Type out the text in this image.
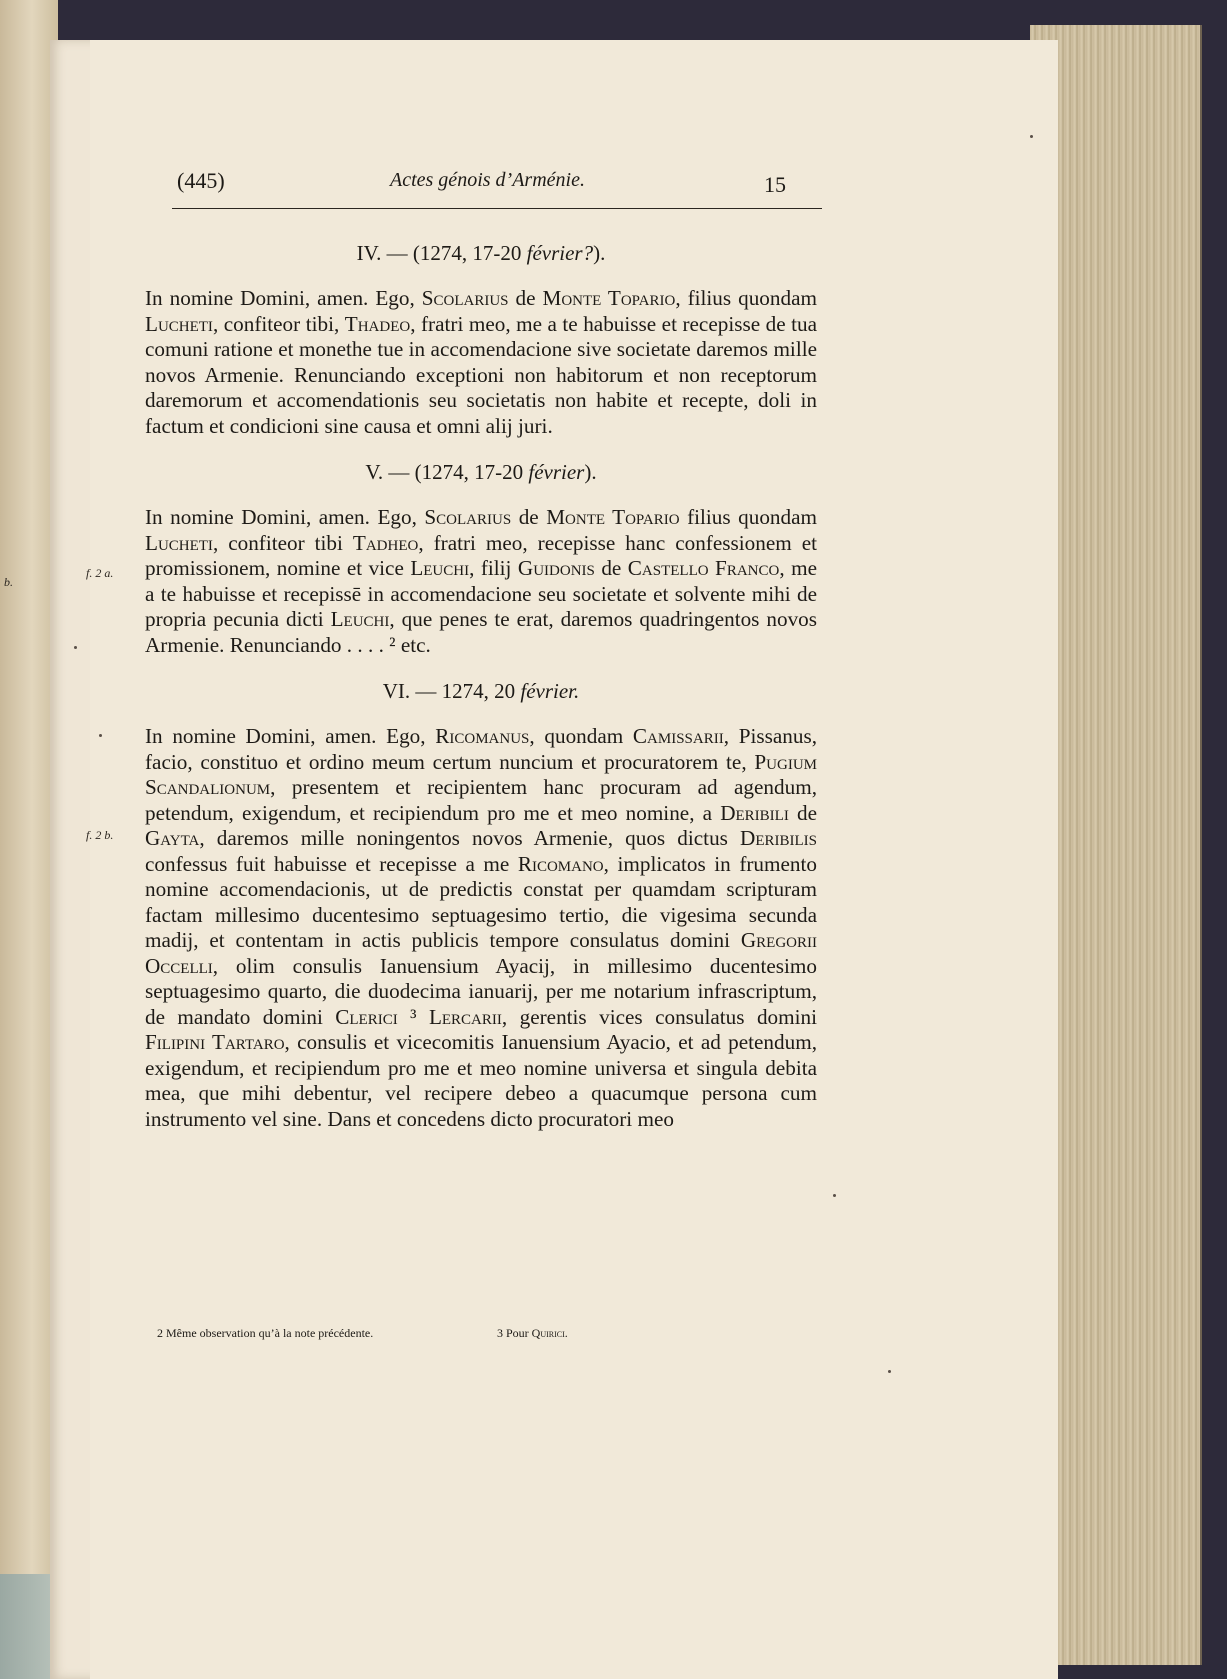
b.
(445)	Actes génois d’Arménie.	15
f. 2 a.
f. 2 b.
IV. — (1274, 17-20 février?).

In nomine Domini, amen. Ego, Scolarius de Monte Topario, filius quondam Lucheti, confiteor tibi, Thadeo, fratri meo, me a te habuisse et recepisse de tua comuni ratione et monethe tue in accomendacione sive societate daremos mille novos Armenie. Renunciando exceptioni non habitorum et non receptorum daremorum et accomendationis seu societatis non habite et recepte, doli in factum et condicioni sine causa et omni alij juri.

V. — (1274, 17-20 février).

In nomine Domini, amen. Ego, Scolarius de Monte Topario filius quondam Lucheti, confiteor tibi Tadheo, fratri meo, recepisse hanc confessionem et promissionem, nomine et vice Leuchi, filij Guidonis de Castello Franco, me a te habuisse et recepissē in accomendacione seu societate et solvente mihi de propria pecunia dicti Leuchi, que penes te erat, daremos quadringentos novos Armenie. Renunciando . . . . ² etc.

VI. — 1274, 20 février.

In nomine Domini, amen. Ego, Ricomanus, quondam Camissarii, Pissanus, facio, constituo et ordino meum certum nuncium et procuratorem te, Pugium Scandalionum, presentem et recipientem hanc procuram ad agendum, petendum, exigendum, et recipiendum pro me et meo nomine, a Deribili de Gayta, daremos mille noningentos novos Armenie, quos dictus Deribilis confessus fuit habuisse et recepisse a me Ricomano, implicatos in frumento nomine accomendacionis, ut de predictis constat per quamdam scripturam factam millesimo ducentesimo septuagesimo tertio, die vigesima secunda madij, et contentam in actis publicis tempore consulatus domini Gregorii Occelli, olim consulis Ianuensium Ayacij, in millesimo ducentesimo septuagesimo quarto, die duodecima ianuarij, per me notarium infrascriptum, de mandato domini Clerici ³ Lercarii, gerentis vices consulatus domini Filipini Tartaro, consulis et vicecomitis Ianuensium Ayacio, et ad petendum, exigendum, et recipiendum pro me et meo nomine universa et singula debita mea, que mihi debentur, vel recipere debeo a quacumque persona cum instrumento vel sine. Dans et concedens dicto procuratori meo

2 Même observation qu’à la note précédente.	3 Pour Quirici.
